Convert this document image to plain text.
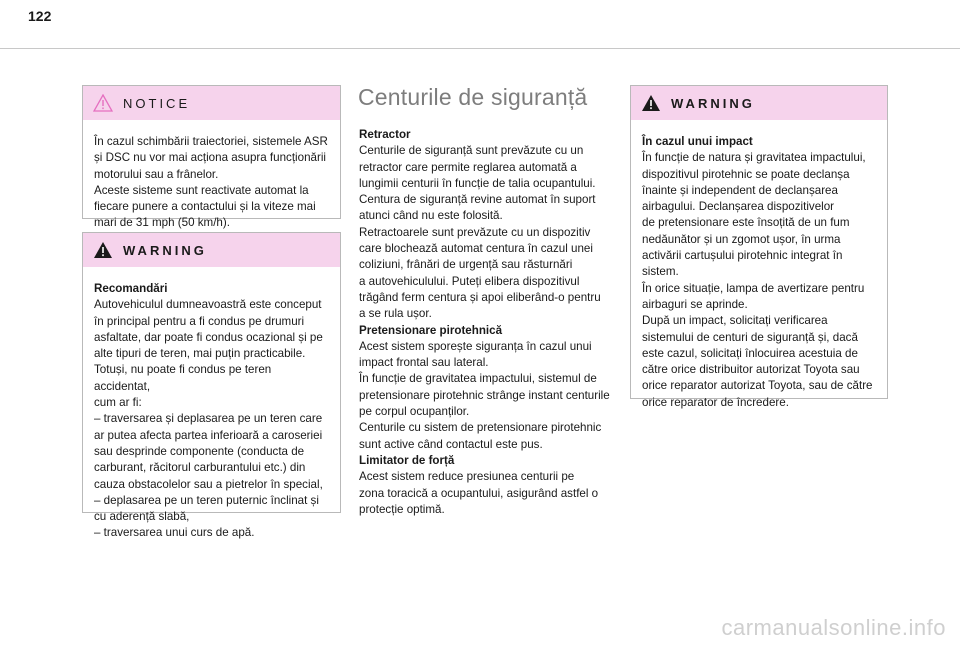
122
NOTICE

În cazul schimbării traiectoriei, sistemele ASR

și DSC nu vor mai acționa asupra funcționării

motorului sau a frânelor.

Aceste sisteme sunt reactivate automat la

fiecare punere a contactului și la viteze mai

mari de 31 mph (50 km/h).

WARNING

Recomandări

Autovehiculul dumneavoastră este conceput

în principal pentru a fi condus pe drumuri

asfaltate, dar poate fi condus ocazional și pe

alte tipuri de teren, mai puțin practicabile.

Totuși, nu poate fi condus pe teren accidentat,

cum ar fi:

– traversarea și deplasarea pe un teren care

ar putea afecta partea inferioară a caroseriei

sau desprinde componente (conducta de

carburant, răcitorul carburantului etc.) din

cauza obstacolelor sau a pietrelor în special,

– deplasarea pe un teren puternic înclinat și

cu aderență slabă,

– traversarea unui curs de apă.

Centurile de siguranță

Retractor

Centurile de siguranță sunt prevăzute cu un

retractor care permite reglarea automată a

lungimii centurii în funcție de talia ocupantului.

Centura de siguranță revine automat în suport

atunci când nu este folosită.

Retractoarele sunt prevăzute cu un dispozitiv

care blochează automat centura în cazul unei

coliziuni, frânări de urgență sau răsturnări

a autovehiculului. Puteți elibera dispozitivul

trăgând ferm centura și apoi eliberând-o pentru

a se rula ușor.

Pretensionare pirotehnică

Acest sistem sporește siguranța în cazul unui

impact frontal sau lateral.

În funcție de gravitatea impactului, sistemul de

pretensionare pirotehnic strânge instant centurile

pe corpul ocupanților.

Centurile cu sistem de pretensionare pirotehnic

sunt active când contactul este pus.

Limitator de forță

Acest sistem reduce presiunea centurii pe

zona toracică a ocupantului, asigurând astfel o

protecție optimă.

WARNING

În cazul unui impact

În funcție de natura și gravitatea impactului,

dispozitivul pirotehnic se poate declanșa

înainte și independent de declanșarea

airbagului. Declanșarea dispozitivelor

de pretensionare este însoțită de un fum

nedăunător și un zgomot ușor, în urma

activării cartușului pirotehnic integrat în

sistem.

În orice situație, lampa de avertizare pentru

airbaguri se aprinde.

După un impact, solicitați verificarea

sistemului de centuri de siguranță și, dacă

este cazul, solicitați înlocuirea acestuia de

către orice distribuitor autorizat Toyota sau

orice reparator autorizat Toyota, sau de către

orice reparator de încredere.

carmanualsonline.info
